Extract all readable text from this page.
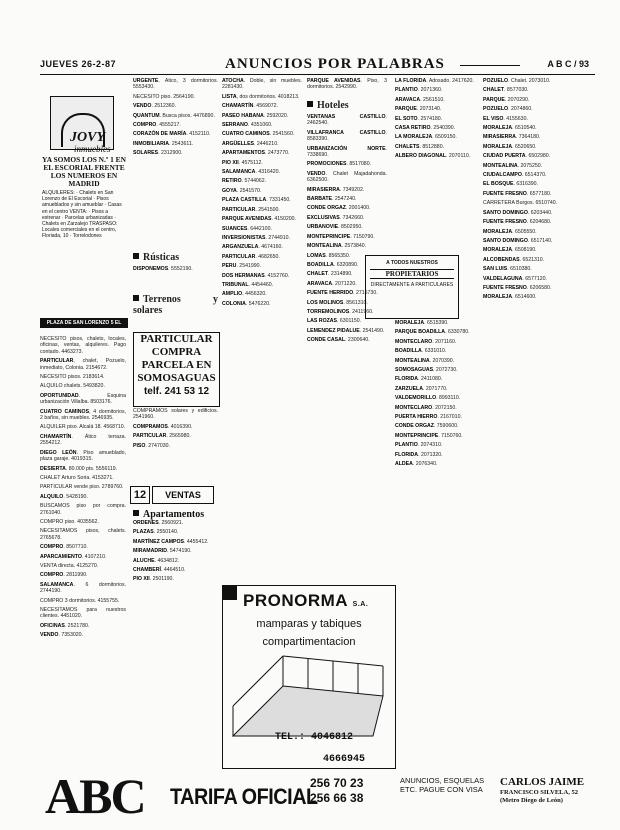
JUEVES 26-2-87	ANUNCIOS POR PALABRAS	A B C / 93
JOVY
inmuebles
YA SOMOS LOS N.º 1 EN EL ESCORIAL FRENTE LOS NUMEROS EN MADRID
ALQUILERES: · Chalets en San Lorenzo de El Escorial · Pisos amueblados y sin amueblar · Casas en el centro VENTA: · Pisos a estrenar · Parcelas urbanizadas · Chalets en Zarzalejo TRASPASO: Locales comerciales en el centro, Floriada, 10 · Torrelodones
PLAZA DE SAN LORENZO 5 EL ESCORIAL · 896 38 88
NECESITO pisos, chalets, locales, oficinas, ventas, alquileres. Pago contado. 4463273.
PARTICULAR, chalet, Pozuelo, inmediato, Colonia. 2154672.
NECESITO pisos. 2183614.
ALQUILO chalets. 5493820.
OPORTUNIDAD. Esquina urbanización Villalba. 8503176.
CUATRO CAMINOS, 4 dormitorios, 2 baños, sin muebles. 2546935.
ALQUILER piso. Alcalá 18. 4568710.
CHAMARTÍN. Ático terraza. 2554212.
DIEGO LEÓN. Piso amueblado, plaza garaje. 4019315.
DESIERTA. 80.000 pts. 5556119.
CHALET Arturo Soria. 4153271.
PARTICULAR vende piso. 2789760.
ALQUILO. 5428190.
BUSCAMOS piso por compra. 2761040.
COMPRO piso. 4035562.
NECESITAMOS pisos, chalets. 2765678.
COMPRO. 8507710.
APARCAMIENTO. 4107210.
VENTA directa. 4125270.
COMPRO. 2811990.
SALAMANCA. 6 dormitorios. 2744190.
COMPRO 3 dormitorios. 4155755.
NECESITAMOS para nuestros clientes. 4451020.
OFICINAS. 2521780.
VENDO. 7353020.
URGENTE. Ático, 3 dormitorios. 5553430.
NECESITO piso. 2564190.
VENDO. 2512360.
QUANTUM. Busca pisos. 4476890.
COMPRO. 4555217.
CORAZÓN DE MARÍA. 4152110.
INMOBILIARIA. 2543611.
SOLARES. 2312900.
Rústicas
DISPONEMOS. 5552190.
Terrenos y solares
COMPRAMOS solares y edificios. 2541960.
COMPRAMOS. 4016390.
PARTICULAR. 2565980.
PISO. 2747030.
ÓRDENES. 2560921.
PLAZAS. 2550140.
MARTÍNEZ CAMPOS. 4455412.
MIRAMADRID. 5474190.
ALUCHE. 4634812.
CHAMBERÍ. 4464510.
PIO XII. 2501190.
PARTICULAR
COMPRA
PARCELA EN
SOMOSAGUAS
telf. 241 53 12
12	VENTAS
Apartamentos
ATOCHA. Doble, sin muebles. 2281430.
LISTA, dos dormitorios. 4018213.
CHAMARTÍN. 4569072.
PASEO HABANA. 2592020.
SERRANO. 4351060.
CUATRO CAMINOS. 2541560.
ARGÜELLES. 2446210.
APARTAMENTOS. 2473770.
PIO XII. 4575112.
SALAMANCA. 4316420.
RETIRO. 5744062.
GOYA. 2541570.
PLAZA CASTILLA. 7331450.
PARTICULAR. 2541500.
PARQUE AVENIDAS. 4150200.
SUANCES. 6442100.
INVERSIONISTAS. 2744910.
ARGANZUELA. 4674160.
PARTICULAR. 4682650.
PERU. 2541990.
DOS HERMANAS. 4152760.
TRIBUNAL. 4454460.
AMPLIO. 4456320.
COLONIA. 5476220.
PARQUE AVENIDAS. Piso, 3 dormitorios. 2542990.
Hoteles
VENTANAS CASTILLO. 2462540.
VILLAFRANCA CASTILLO. 8583390.
URBANIZACIÓN NORTE. 7338690.
PROMOCIONES. 8517080.
VENDO. Chalet Majadahonda. 6362500.
MIRASIERRA. 7349202.
BARBATE. 2547240.
CONDE ORGAZ. 2001400.
EXCLUSIVAS. 7342660.
URBANOVIE. 8502950.
MONTEPRINCIPE. 7150790.
MONTEALINA. 2573840.
LOMAS. 8565350.
BOADILLA. 6320890.
CHALET. 2314890.
ARAVACA. 2071220.
FUENTE HERRIDO. 2715730.
LOS MOLINOS. 8561310.
TORREMOLINOS. 2411960.
LAS ROZAS. 6301150.
LEMENDEZ PIDALUE. 2541490.
CONDE CASAL. 2300640.
LA FLORIDA. Adosado. 2417620.
PLANTIO. 2071360.
ARAVACA. 2561510.
PARQUE. 2073140.
EL SOTO. 2574180.
CASA RETIRO. 2540390.
LA MORALEJA. 6509150.
CHALETS. 8512880.
ALBERO DIAGONAL. 2070110.
MORALEJA. 6515390.
PARQUE BOADILLA. 6330780.
MONTECLARO. 2071160.
BOADILLA. 6331010.
MONTEALINA. 2070390.
SOMOSAGUAS. 2072730.
FLORIDA. 2411080.
ZARZUELA. 2071770.
VALDEMORILLO. 8993110.
MONTECLARO. 2072150.
PUERTA HIERRO. 2167010.
CONDE ORGAZ. 7590600.
MONTEPRINCIPE. 7150760.
PLANTIO. 2074310.
FLORIDA. 2071320.
ALDEA. 2076340.
A TODOS NUESTROS
PROPIETARIOS
DIRECTAMENTE A PARTICULARES
POZUELO. Chalet. 2073010.
CHALET. 8577030.
PARQUE. 2070290.
POZUELO. 2074860.
EL VISO. 4155630.
MORALEJA. 6510540.
MIRASIERRA. 7364180.
MORALEJA. 6520650.
CIUDAD PUERTA. 6502980.
MONTEALINA. 2075250.
CIUDALCAMPO. 6514370.
EL BOSQUE. 6316390.
FUENTE FRESNO. 6577180.
CARRETERA Burgos. 6510740.
SANTO DOMINGO. 6203440.
FUENTE FRESNO. 6204680.
MORALEJA. 6505550.
SANTO DOMINGO. 6517140.
MORALEJA. 6508190.
ALCOBENDAS. 6521310.
SAN LUIS. 6510380.
VALDELAGUNA. 6577120.
FUENTE FRESNO. 6206580.
MORALEJA. 6514600.
PRONORMA S.A.
mamparas y tabiques
compartimentacion
TEL.: 4046812
4666945
ABC TARIFA OFICIAL
256 70 23
256 66 38
ANUNCIOS, ESQUELAS
ETC. PAGUE CON VISA
CARLOS JAIME
FRANCISCO SILVELA, 52
(Metro Diego de León)
